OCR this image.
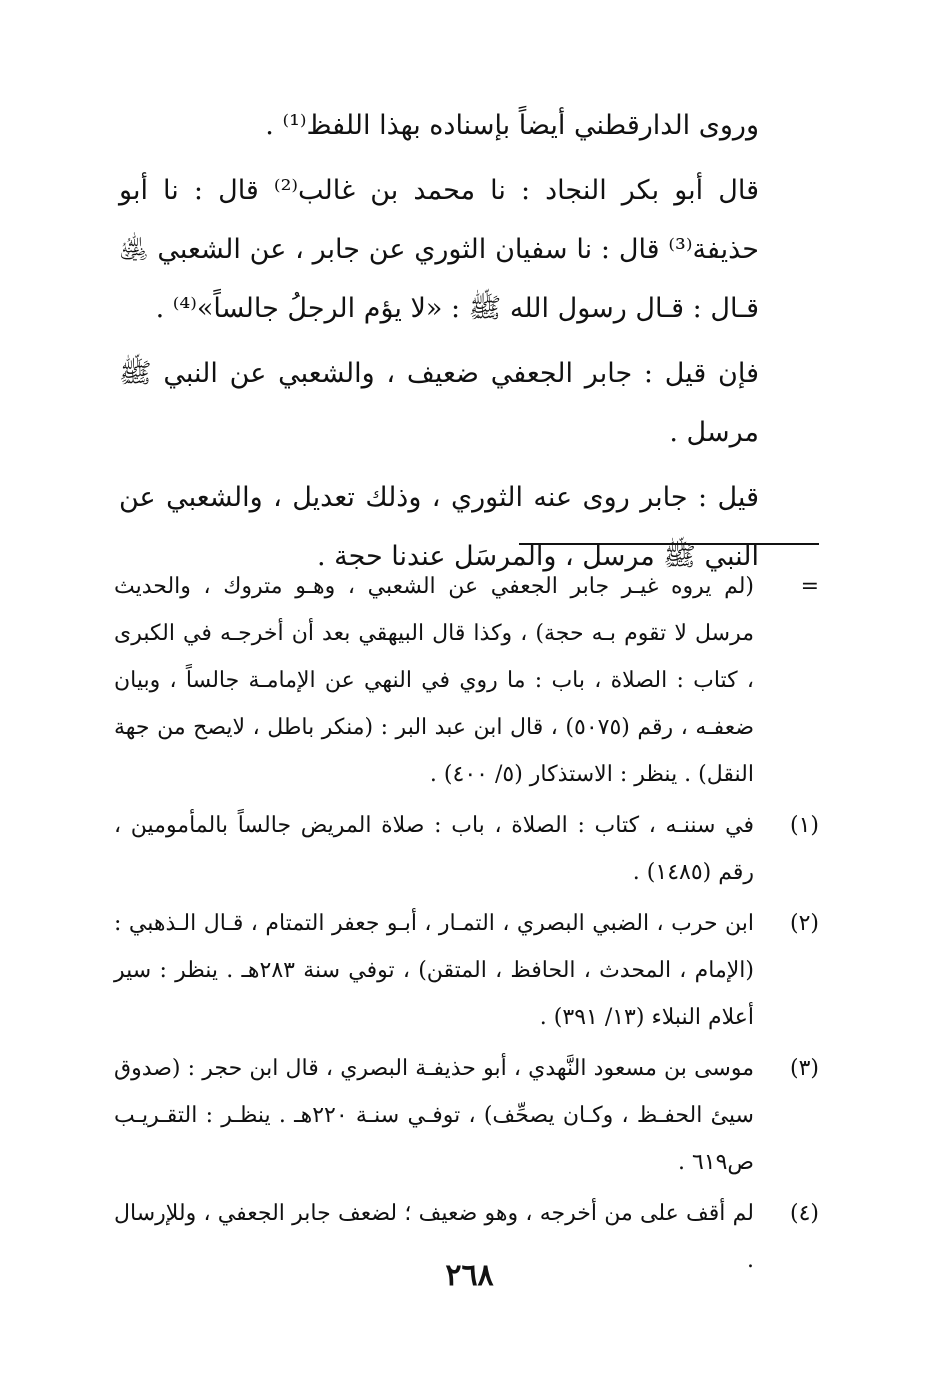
وروى الدارقطني أيضاً بإسناده بهذا اللفظ⁽¹⁾ .

قال أبو بكر النجاد : نا محمد بن غالب⁽²⁾ قال : نا أبو حذيفة⁽³⁾ قال : نا سفيان الثوري عن جابر ، عن الشعبي ﵁ قـال : قـال رسول الله ﷺ : «لا يؤم الرجلُ جالساً»⁽⁴⁾ .

فإن قيل : جابر الجعفي ضعيف ، والشعبي عن النبي ﷺ مرسل .

قيل : جابر روى عنه الثوري ، وذلك تعديل ، والشعبي عن النبي ﷺ مرسل ، والمرسَل عندنا حجة .

=
(لم يروه غيـر جابر الجعفي عن الشعبي ، وهـو متروك ، والحديث مرسل لا تقوم بـه حجة) ، وكذا قال البيهقي بعد أن أخرجـه في الكبرى ، كتاب : الصلاة ، باب : ما روي في النهي عن الإمامـة جالساً ، وبيان ضعفـه ، رقم (٥٠٧٥) ، قال ابن عبد البر : (منكر باطل ، لايصح من جهة النقل) . ينظر : الاستذكار (٥/ ٤٠٠) .
(١)
في سننـه ، كتاب : الصلاة ، باب : صلاة المريض جالساً بالمأمومين ، رقم (١٤٨٥) .
(٢)
ابن حرب ، الضبي البصري ، التمـار ، أبـو جعفر التمتام ، قـال الـذهبي : (الإمام ، المحدث ، الحافظ ، المتقن) ، توفي سنة ٢٨٣هـ . ينظر : سير أعلام النبلاء (١٣/ ٣٩١) .
(٣)
موسى بن مسعود النَّهدي ، أبو حذيفـة البصري ، قال ابن حجر : (صدوق سيئ الحفـظ ، وكـان يصحِّف) ، توفـي سنـة ٢٢٠هـ . ينظـر : التقـريـب ص٦١٩ .
(٤)
لم أقف على من أخرجه ، وهو ضعيف ؛ لضعف جابر الجعفي ، وللإرسال .
٢٦٨
